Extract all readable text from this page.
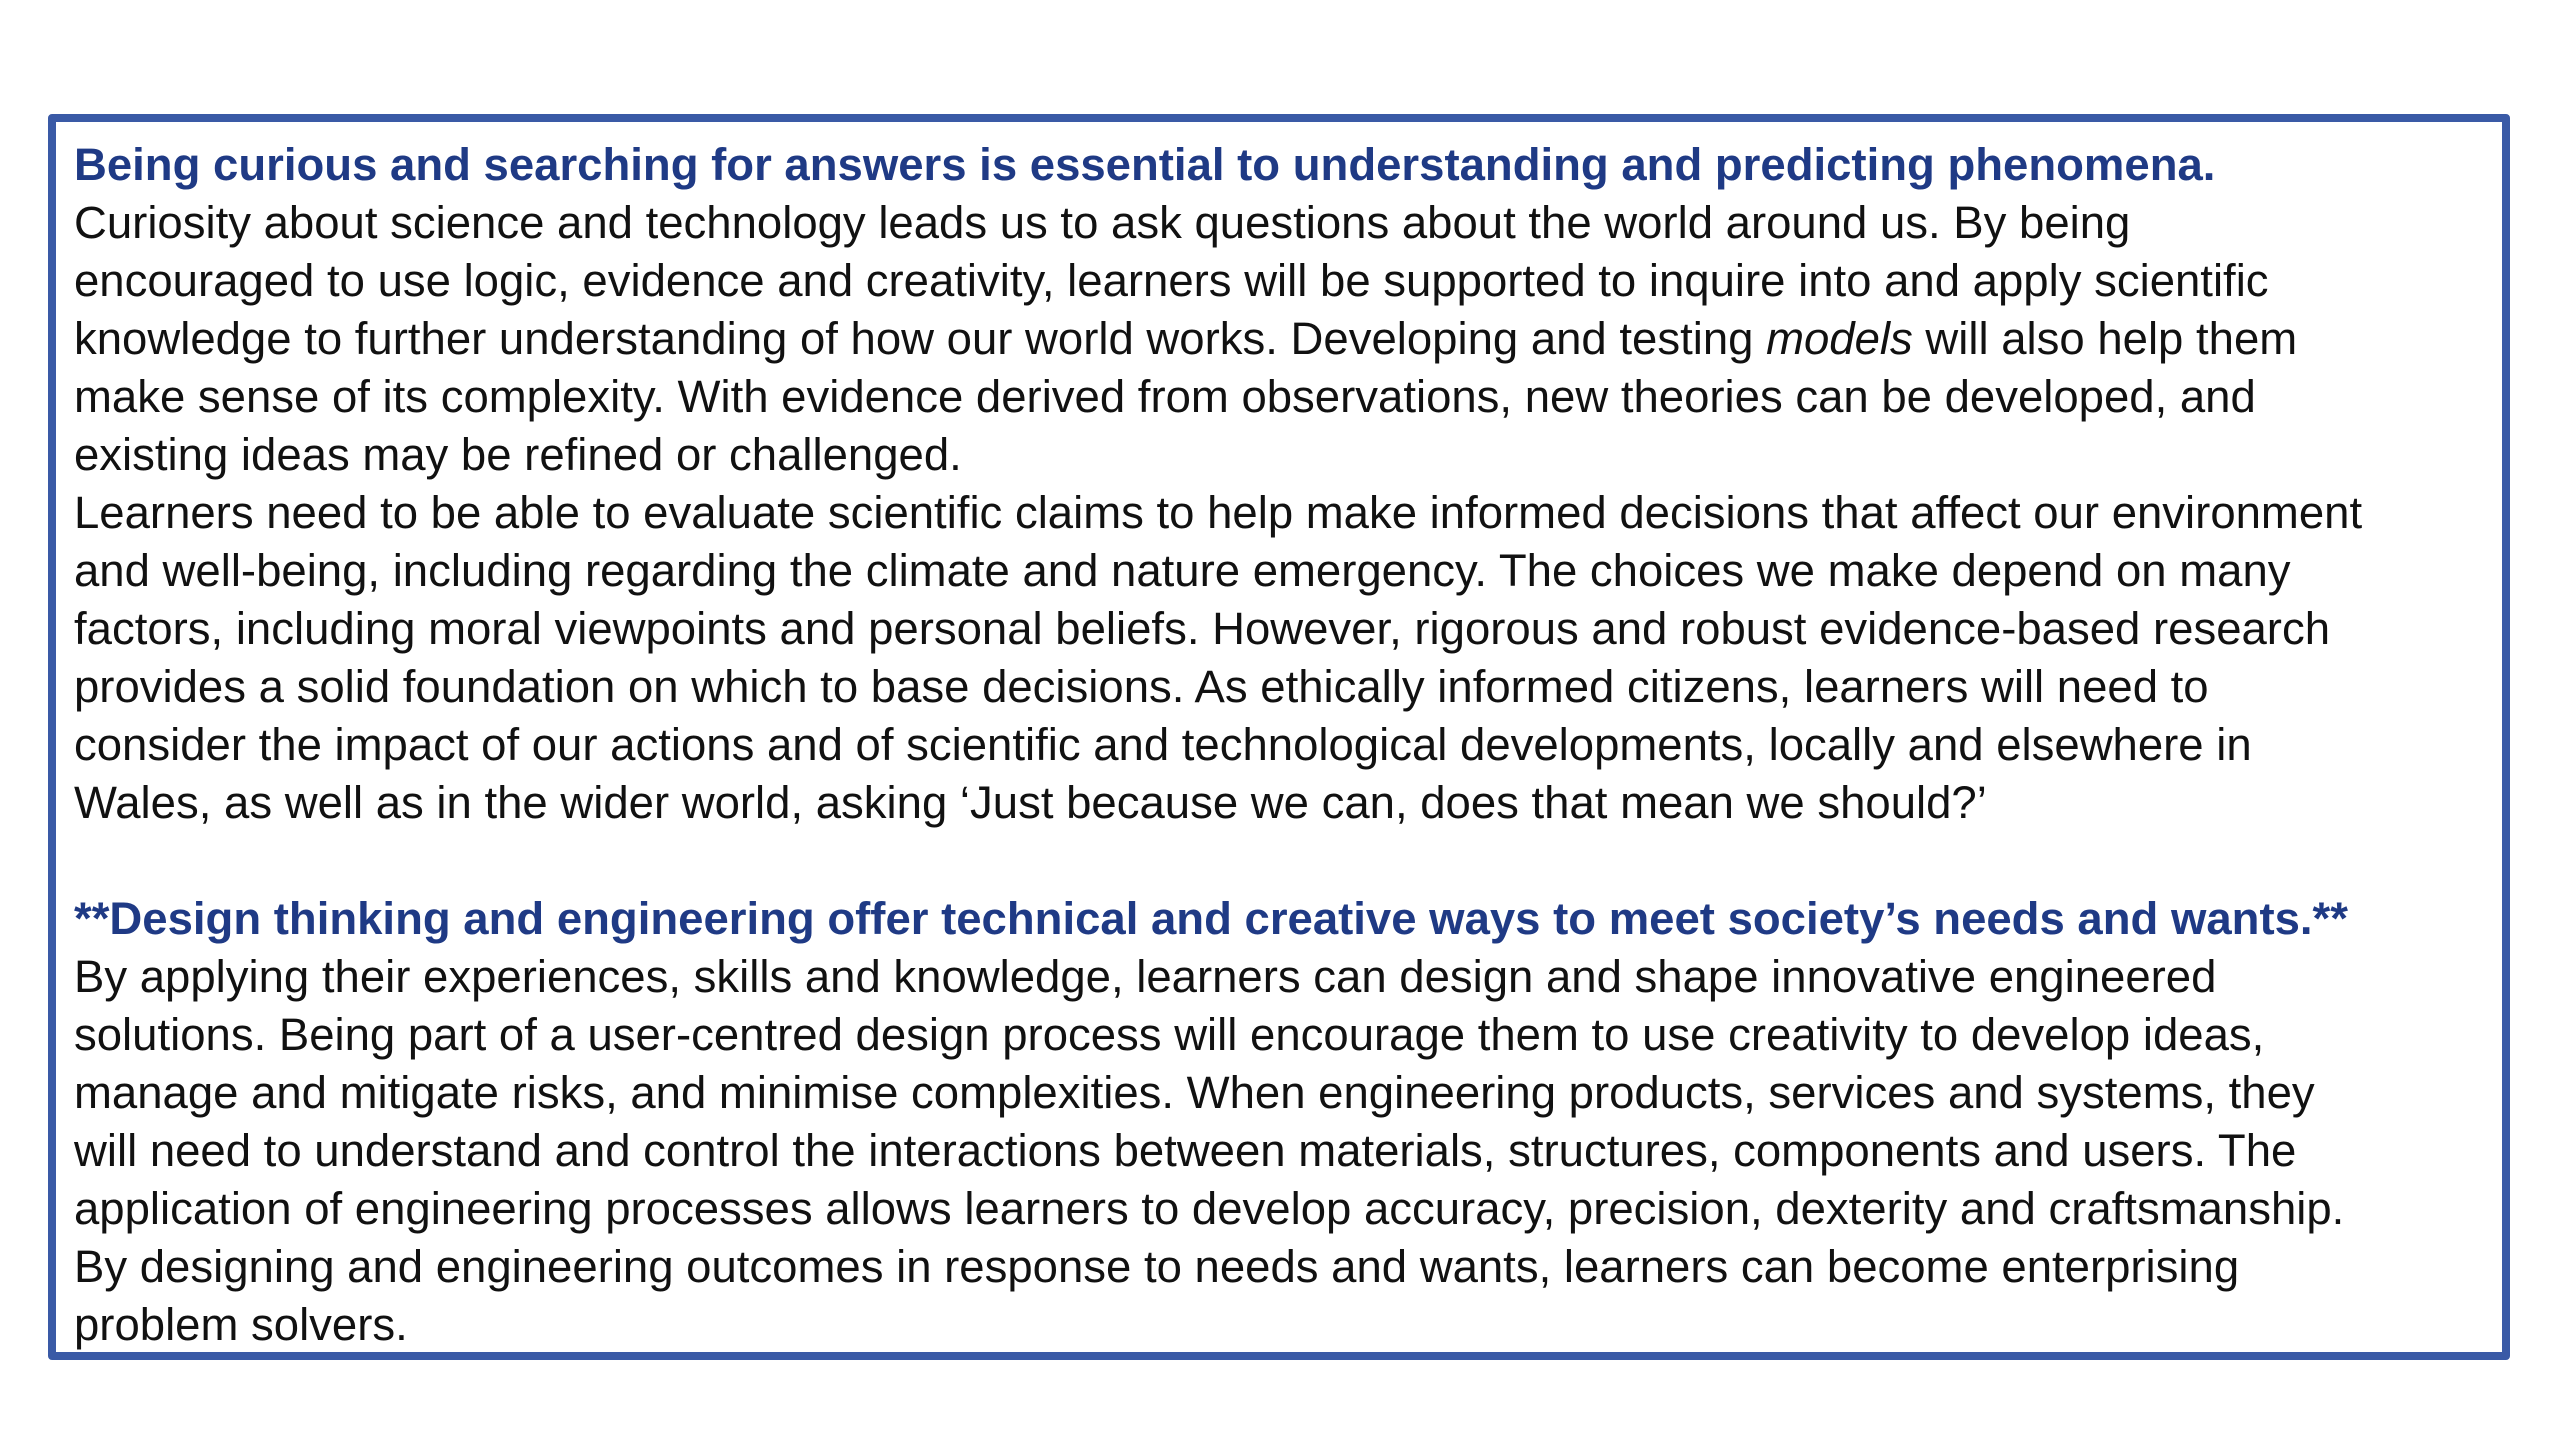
Being curious and searching for answers is essential to understanding and predicting phenomena.
Curiosity about science and technology leads us to ask questions about the world around us. By being
encouraged to use logic, evidence and creativity, learners will be supported to inquire into and apply scientific
knowledge to further understanding of how our world works. Developing and testing models will also help them
make sense of its complexity. With evidence derived from observations, new theories can be developed, and
existing ideas may be refined or challenged.
Learners need to be able to evaluate scientific claims to help make informed decisions that affect our environment
and well-being, including regarding the climate and nature emergency. The choices we make depend on many
factors, including moral viewpoints and personal beliefs. However, rigorous and robust evidence-based research
provides a solid foundation on which to base decisions. As ethically informed citizens, learners will need to
consider the impact of our actions and of scientific and technological developments, locally and elsewhere in
Wales, as well as in the wider world, asking ‘Just because we can, does that mean we should?’
**Design thinking and engineering offer technical and creative ways to meet society’s needs and wants.**
By applying their experiences, skills and knowledge, learners can design and shape innovative engineered
solutions. Being part of a user-centred design process will encourage them to use creativity to develop ideas,
manage and mitigate risks, and minimise complexities. When engineering products, services and systems, they
will need to understand and control the interactions between materials, structures, components and users. The
application of engineering processes allows learners to develop accuracy, precision, dexterity and craftsmanship.
By designing and engineering outcomes in response to needs and wants, learners can become enterprising
problem solvers.
